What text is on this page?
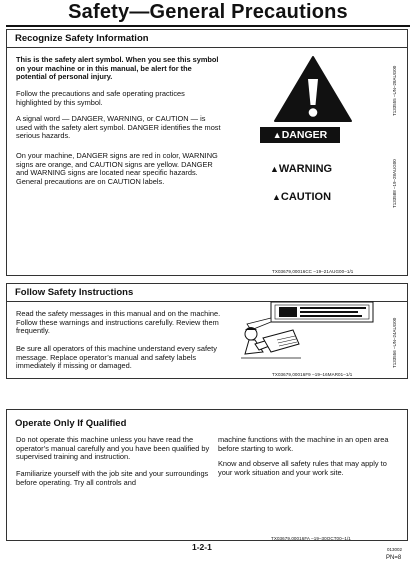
Safety—General Precautions
Recognize Safety Information

This is the safety alert symbol. When you see this symbol on your machine or in this manual, be alert for the potential of personal injury.

Follow the precautions and safe operating practices highlighted by this symbol.

A signal word — DANGER, WARNING, or CAUTION — is used with the safety alert symbol. DANGER identifies the most serious hazards.

On your machine, DANGER signs are red in color, WARNING signs are orange, and CAUTION signs are yellow. DANGER and WARNING signs are located near specific hazards. General precautions are on CAUTION labels.

T133555 –UN–28AUG00
▲DANGER
▲WARNING
▲CAUTION	T133588 –19–28AUG00
TX03679,00016CC –19–21AUG00–1/1
Follow Safety Instructions

Read the safety messages in this manual and on the machine. Follow these warnings and instructions carefully. Review them frequently.

Be sure all operators of this machine understand every safety message. Replace operator’s manual and safety labels immediately if missing or damaged.	T133556 –UN–24AUG00
TX03679,00016F9 –19–16MAR01–1/1
Operate Only If Qualified

Do not operate this machine unless you have read the operator’s manual carefully and you have been qualified by supervised training and instruction.

Familiarize yourself with the job site and your surroundings before operating. Try all controls and

machine functions with the machine in an open area before starting to work.

Know and observe all safety rules that may apply to your work situation and your work site.

TX03679,00016FA –19–30OCT00–1/1
1-2-1	013002
PN=8
